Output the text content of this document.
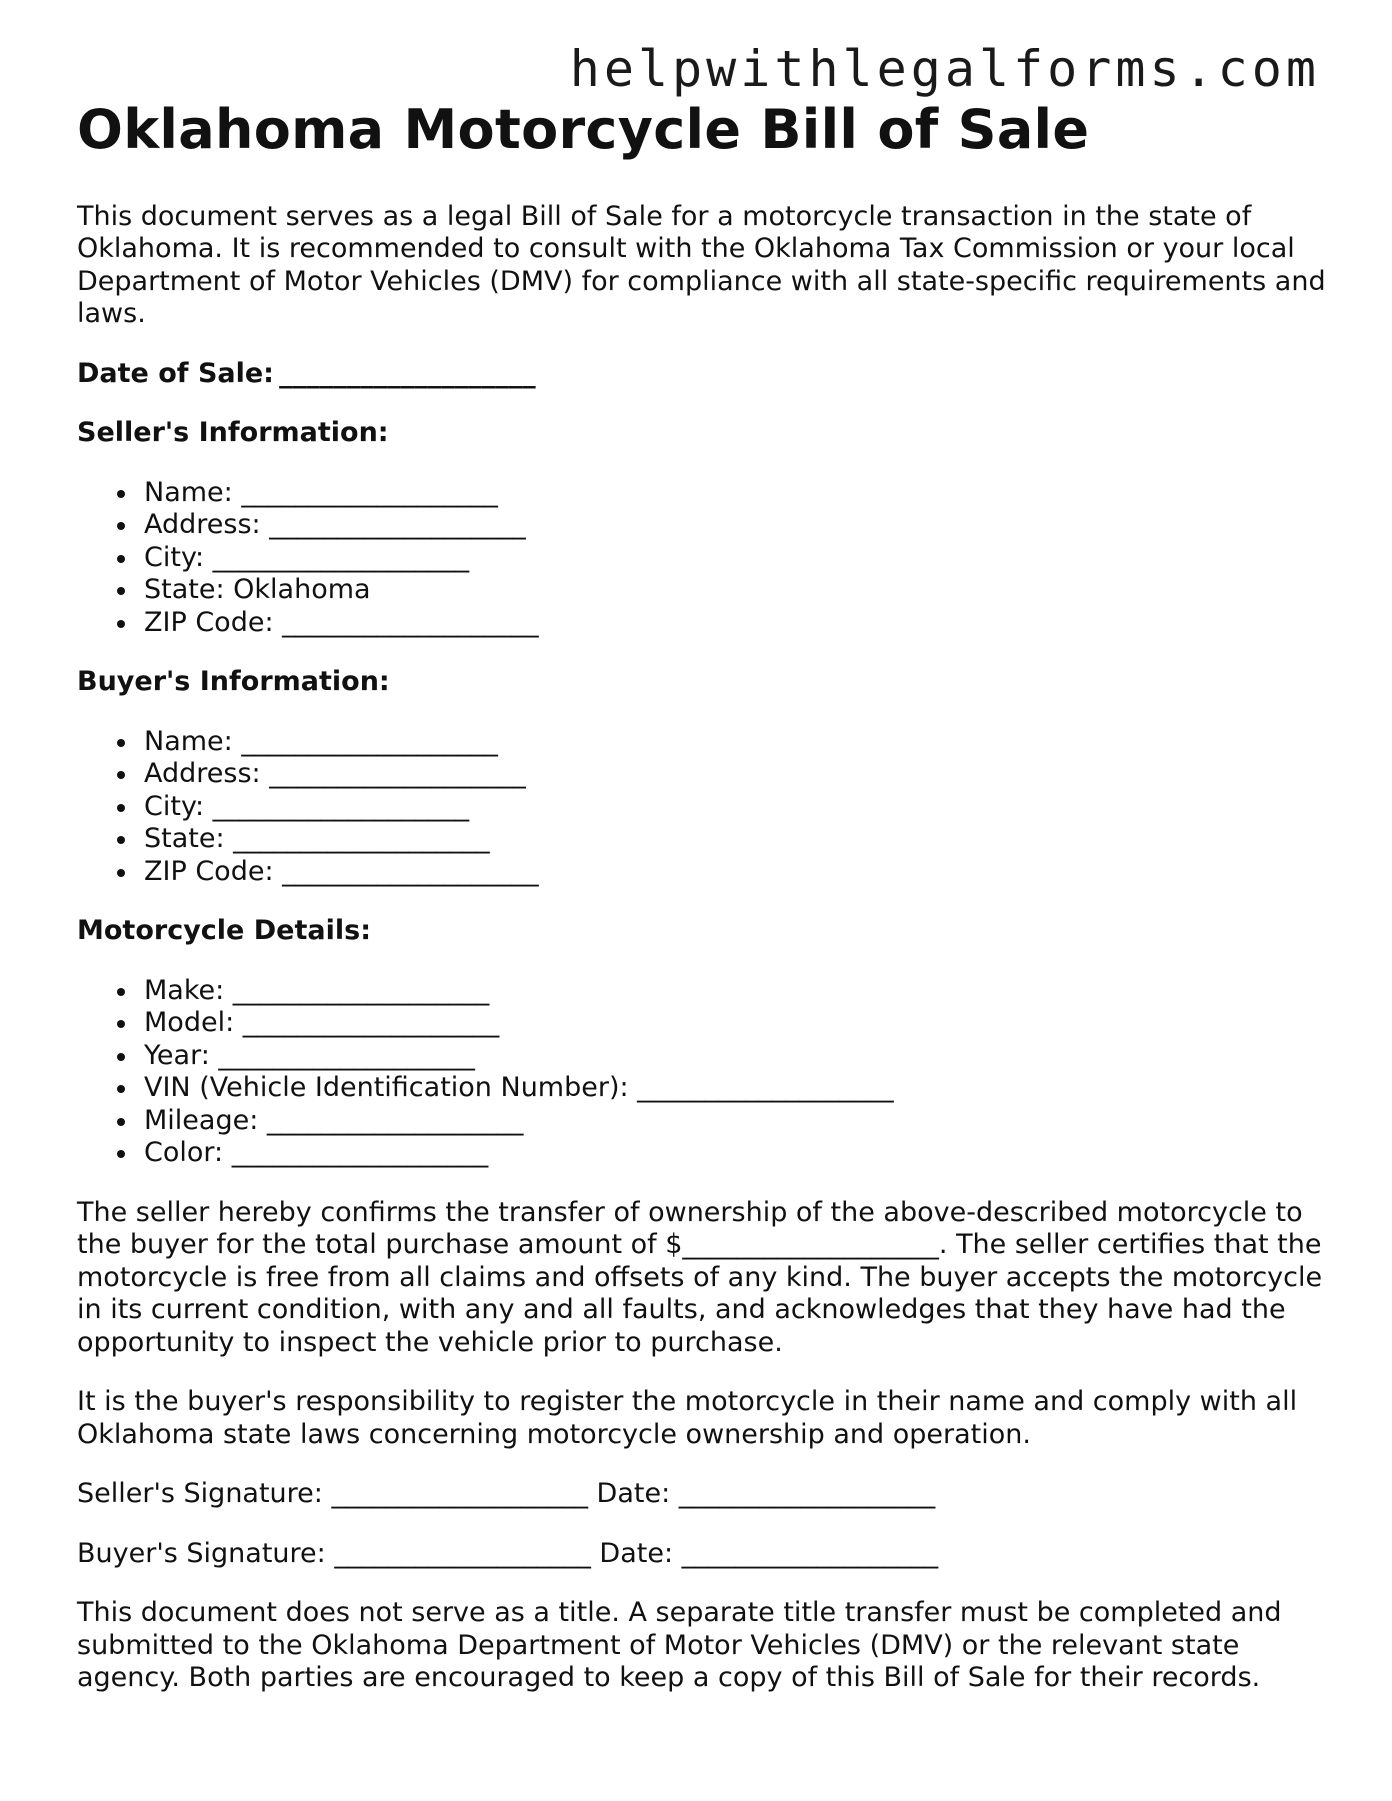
helpwithlegalforms.com
Oklahoma Motorcycle Bill of Sale

This document serves as a legal Bill of Sale for a motorcycle transaction in the state of Oklahoma. It is recommended to consult with the Oklahoma Tax Commission or your local Department of Motor Vehicles (DMV) for compliance with all state-specific requirements and laws.

Date of Sale: ___________________
Seller's Information:
Name: ___________________
Address: ___________________
City: ___________________
State: Oklahoma
ZIP Code: ___________________
Buyer's Information:
Name: ___________________
Address: ___________________
City: ___________________
State: ___________________
ZIP Code: ___________________
Motorcycle Details:
Make: ___________________
Model: ___________________
Year: ___________________
VIN (Vehicle Identification Number): ___________________
Mileage: ___________________
Color: ___________________

The seller hereby confirms the transfer of ownership of the above-described motorcycle to the buyer for the total purchase amount of $___________________. The seller certifies that the motorcycle is free from all claims and offsets of any kind. The buyer accepts the motorcycle in its current condition, with any and all faults, and acknowledges that they have had the opportunity to inspect the vehicle prior to purchase.

It is the buyer's responsibility to register the motorcycle in their name and comply with all Oklahoma state laws concerning motorcycle ownership and operation.

Seller's Signature: ___________________ Date: ___________________

Buyer's Signature: ___________________ Date: ___________________

This document does not serve as a title. A separate title transfer must be completed and submitted to the Oklahoma Department of Motor Vehicles (DMV) or the relevant state agency. Both parties are encouraged to keep a copy of this Bill of Sale for their records.
